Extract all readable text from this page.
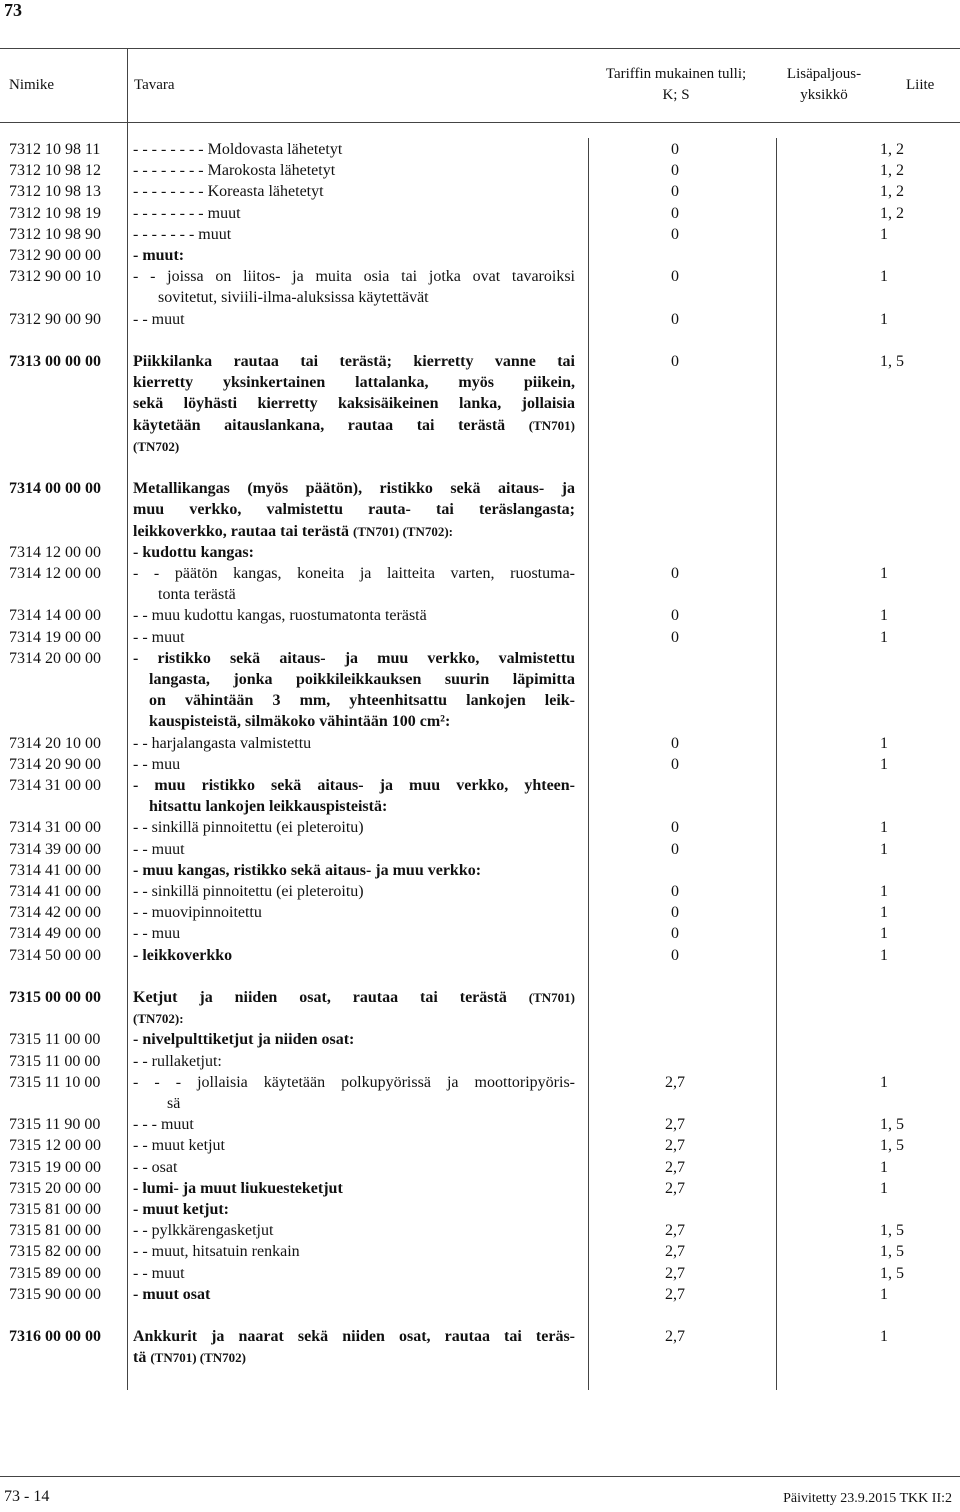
73
Nimike	Tavara
Tariffin mukainen tulli;
K; S
Lisäpaljous-
yksikkö
Liite
7312 10 98 11	- - - - - - - - Moldovasta lähetetyt	0	1, 2
7312 10 98 12	- - - - - - - - Marokosta lähetetyt	0	1, 2
7312 10 98 13	- - - - - - - - Koreasta lähetetyt	0	1, 2
7312 10 98 19	- - - - - - - - muut	0	1, 2
7312 10 98 90	- - - - - - - muut	0	1
7312 90 00 00	- muut:
7312 90 00 10	- - joissa on liitos- ja muita osia tai jotka ovat tavaroiksi
sovitetut, siviili-ilma-aluksissa käytettävät
0	1
7312 90 00 90	- - muut	0	1
7313 00 00 00	Piikkilanka rautaa tai terästä; kierretty vanne tai
kierretty yksinkertainen lattalanka, myös piikein,
sekä löyhästi kierretty kaksisäikeinen lanka, jollaisia
käytetään aitauslankana, rautaa tai terästä (TN701)
(TN702)
0	1, 5
7314 00 00 00	Metallikangas (myös päätön), ristikko sekä aitaus- ja
muu verkko, valmistettu rauta- tai teräslangasta;
leikkoverkko, rautaa tai terästä (TN701) (TN702):
7314 12 00 00	- kudottu kangas:
7314 12 00 00	- - päätön kangas, koneita ja laitteita varten, ruostuma-
tonta terästä
0	1
7314 14 00 00	- - muu kudottu kangas, ruostumatonta terästä	0	1
7314 19 00 00	- - muut	0	1
7314 20 00 00	- ristikko sekä aitaus- ja muu verkko, valmistettu
langasta, jonka poikkileikkauksen suurin läpimitta
on vähintään 3 mm, yhteenhitsattu lankojen leik-
kauspisteistä, silmäkoko vähintään 100 cm²:
7314 20 10 00	- - harjalangasta valmistettu	0	1
7314 20 90 00	- - muu	0	1
7314 31 00 00	- muu ristikko sekä aitaus- ja muu verkko, yhteen-
hitsattu lankojen leikkauspisteistä:
7314 31 00 00	- - sinkillä pinnoitettu (ei pleteroitu)	0	1
7314 39 00 00	- - muut	0	1
7314 41 00 00	- muu kangas, ristikko sekä aitaus- ja muu verkko:
7314 41 00 00	- - sinkillä pinnoitettu (ei pleteroitu)	0	1
7314 42 00 00	- - muovipinnoitettu	0	1
7314 49 00 00	- - muu	0	1
7314 50 00 00	- leikkoverkko	0	1
7315 00 00 00	Ketjut ja niiden osat, rautaa tai terästä (TN701)
(TN702):
7315 11 00 00	- nivelpulttiketjut ja niiden osat:
7315 11 00 00	- - rullaketjut:
7315 11 10 00	- - - jollaisia käytetään polkupyörissä ja moottoripyöris-
sä
2,7	1
7315 11 90 00	- - - muut	2,7	1, 5
7315 12 00 00	- - muut ketjut	2,7	1, 5
7315 19 00 00	- - osat	2,7	1
7315 20 00 00	- lumi- ja muut liukuesteketjut	2,7	1
7315 81 00 00	- muut ketjut:
7315 81 00 00	- - pylkkärengasketjut	2,7	1, 5
7315 82 00 00	- - muut, hitsatuin renkain	2,7	1, 5
7315 89 00 00	- - muut	2,7	1, 5
7315 90 00 00	- muut osat	2,7	1
7316 00 00 00	Ankkurit ja naarat sekä niiden osat, rautaa tai teräs-
tä (TN701) (TN702)
2,7	1
73 - 14	Päivitetty 23.9.2015 TKK II:2
